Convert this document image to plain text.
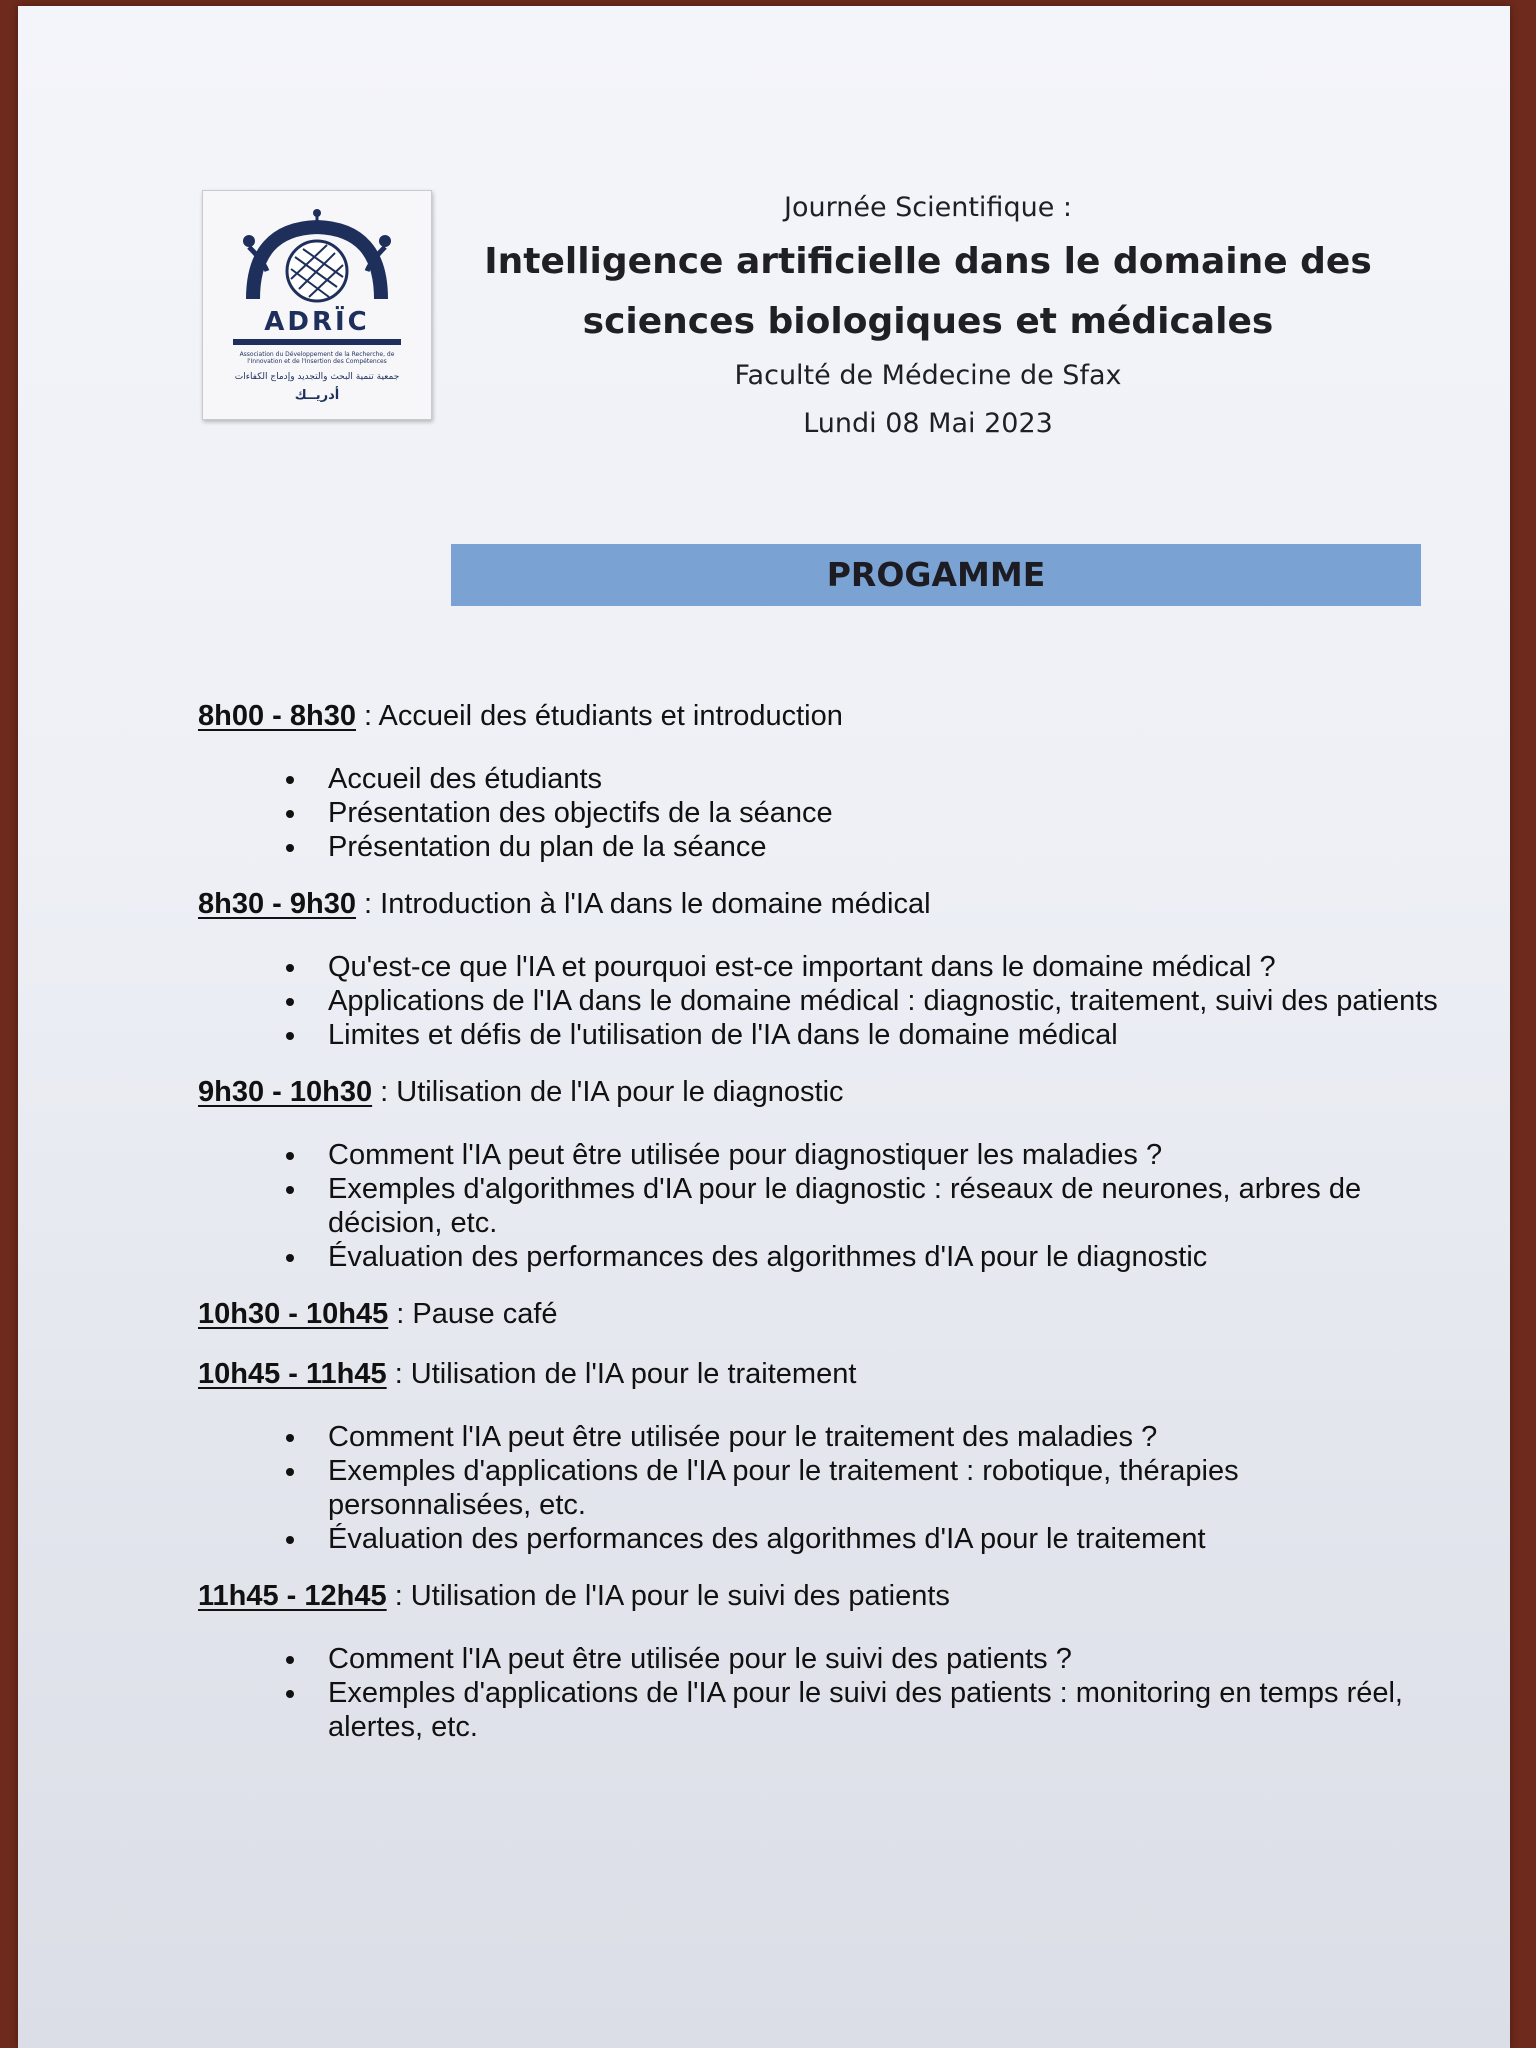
ADRÏC
Association du Développement de la Recherche, de l'Innovation et de l'Insertion des Compétences
جمعية تنمية البحث والتجديد وإدماج الكفاءات
أدريــك
Journée Scientifique :
Intelligence artificielle dans le domaine des
sciences biologiques et médicales
Faculté de Médecine de Sfax
Lundi 08 Mai 2023
PROGAMME

8h00 - 8h30 : Accueil des étudiants et introduction

Accueil des étudiants
Présentation des objectifs de la séance
Présentation du plan de la séance

8h30 - 9h30 : Introduction à l'IA dans le domaine médical

Qu'est-ce que l'IA et pourquoi est-ce important dans le domaine médical ?
Applications de l'IA dans le domaine médical : diagnostic, traitement, suivi des patients
Limites et défis de l'utilisation de l'IA dans le domaine médical

9h30 - 10h30 : Utilisation de l'IA pour le diagnostic

Comment l'IA peut être utilisée pour diagnostiquer les maladies ?
Exemples d'algorithmes d'IA pour le diagnostic : réseaux de neurones, arbres de décision, etc.
Évaluation des performances des algorithmes d'IA pour le diagnostic

10h30 - 10h45 : Pause café

10h45 - 11h45 : Utilisation de l'IA pour le traitement

Comment l'IA peut être utilisée pour le traitement des maladies ?
Exemples d'applications de l'IA pour le traitement : robotique, thérapies personnalisées, etc.
Évaluation des performances des algorithmes d'IA pour le traitement

11h45 - 12h45 : Utilisation de l'IA pour le suivi des patients

Comment l'IA peut être utilisée pour le suivi des patients ?
Exemples d'applications de l'IA pour le suivi des patients : monitoring en temps réel, alertes, etc.
